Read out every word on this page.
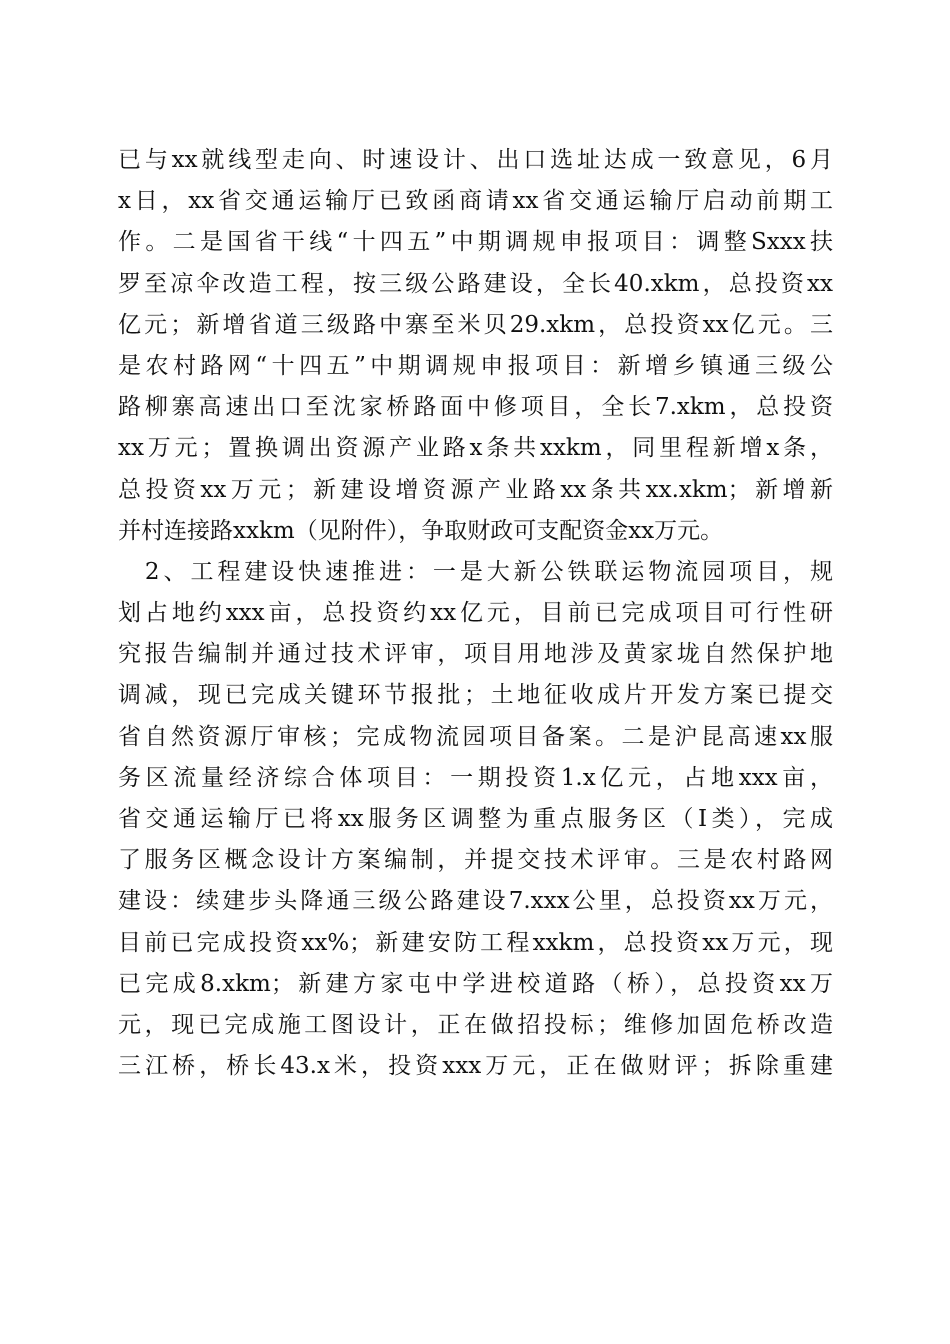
已与xx就线型走向、时速设计、出口选址达成一致意见，6月
x日，xx省交通运输厅已致函商请xx省交通运输厅启动前期工
作。二是国省干线“十四五”中期调规申报项目：调整Sxxx扶
罗至凉伞改造工程，按三级公路建设，全长40.xkm，总投资xx
亿元；新增省道三级路中寨至米贝29.xkm，总投资xx亿元。三
是农村路网“十四五”中期调规申报项目：新增乡镇通三级公
路柳寨高速出口至沈家桥路面中修项目，全长7.xkm，总投资
xx万元；置换调出资源产业路x条共xxkm，同里程新增x条，
总投资xx万元；新建设增资源产业路xx条共xx.xkm；新增新
并村连接路xxkm（见附件），争取财政可支配资金xx万元。
　2、工程建设快速推进：一是大新公铁联运物流园项目，规
划占地约xxx亩，总投资约xx亿元，目前已完成项目可行性研
究报告编制并通过技术评审，项目用地涉及黄家垅自然保护地
调减，现已完成关键环节报批；土地征收成片开发方案已提交
省自然资源厅审核；完成物流园项目备案。二是沪昆高速xx服
务区流量经济综合体项目：一期投资1.x亿元，占地xxx亩，
省交通运输厅已将xx服务区调整为重点服务区（I类），完成
了服务区概念设计方案编制，并提交技术评审。三是农村路网
建设：续建步头降通三级公路建设7.xxx公里，总投资xx万元，
目前已完成投资xx%；新建安防工程xxkm，总投资xx万元，现
已完成8.xkm；新建方家屯中学进校道路（桥），总投资xx万
元，现已完成施工图设计，正在做招投标；维修加固危桥改造
三江桥，桥长43.x米，投资xxx万元，正在做财评；拆除重建
